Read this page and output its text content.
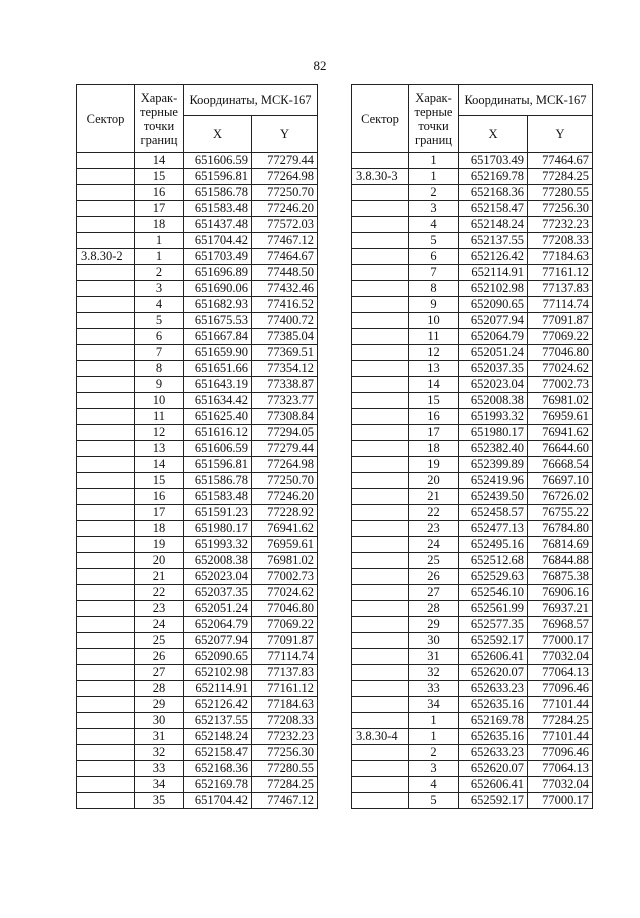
82
Сектор	Харак-терные точки границ	Координаты, МСК-167	
		X	Y
	14	651606.59	77279.44
	15	651596.81	77264.98
	16	651586.78	77250.70
	17	651583.48	77246.20
	18	651437.48	77572.03
	1	651704.42	77467.12
3.8.30-2	1	651703.49	77464.67
	2	651696.89	77448.50
	3	651690.06	77432.46
	4	651682.93	77416.52
	5	651675.53	77400.72
	6	651667.84	77385.04
	7	651659.90	77369.51
	8	651651.66	77354.12
	9	651643.19	77338.87
	10	651634.42	77323.77
	11	651625.40	77308.84
	12	651616.12	77294.05
	13	651606.59	77279.44
	14	651596.81	77264.98
	15	651586.78	77250.70
	16	651583.48	77246.20
	17	651591.23	77228.92
	18	651980.17	76941.62
	19	651993.32	76959.61
	20	652008.38	76981.02
	21	652023.04	77002.73
	22	652037.35	77024.62
	23	652051.24	77046.80
	24	652064.79	77069.22
	25	652077.94	77091.87
	26	652090.65	77114.74
	27	652102.98	77137.83
	28	652114.91	77161.12
	29	652126.42	77184.63
	30	652137.55	77208.33
	31	652148.24	77232.23
	32	652158.47	77256.30
	33	652168.36	77280.55
	34	652169.78	77284.25
	35	651704.42	77467.12
Сектор	Харак-терные точки границ	Координаты, МСК-167	
		X	Y
	1	651703.49	77464.67
3.8.30-3	1	652169.78	77284.25
	2	652168.36	77280.55
	3	652158.47	77256.30
	4	652148.24	77232.23
	5	652137.55	77208.33
	6	652126.42	77184.63
	7	652114.91	77161.12
	8	652102.98	77137.83
	9	652090.65	77114.74
	10	652077.94	77091.87
	11	652064.79	77069.22
	12	652051.24	77046.80
	13	652037.35	77024.62
	14	652023.04	77002.73
	15	652008.38	76981.02
	16	651993.32	76959.61
	17	651980.17	76941.62
	18	652382.40	76644.60
	19	652399.89	76668.54
	20	652419.96	76697.10
	21	652439.50	76726.02
	22	652458.57	76755.22
	23	652477.13	76784.80
	24	652495.16	76814.69
	25	652512.68	76844.88
	26	652529.63	76875.38
	27	652546.10	76906.16
	28	652561.99	76937.21
	29	652577.35	76968.57
	30	652592.17	77000.17
	31	652606.41	77032.04
	32	652620.07	77064.13
	33	652633.23	77096.46
	34	652635.16	77101.44
	1	652169.78	77284.25
3.8.30-4	1	652635.16	77101.44
	2	652633.23	77096.46
	3	652620.07	77064.13
	4	652606.41	77032.04
	5	652592.17	77000.17
